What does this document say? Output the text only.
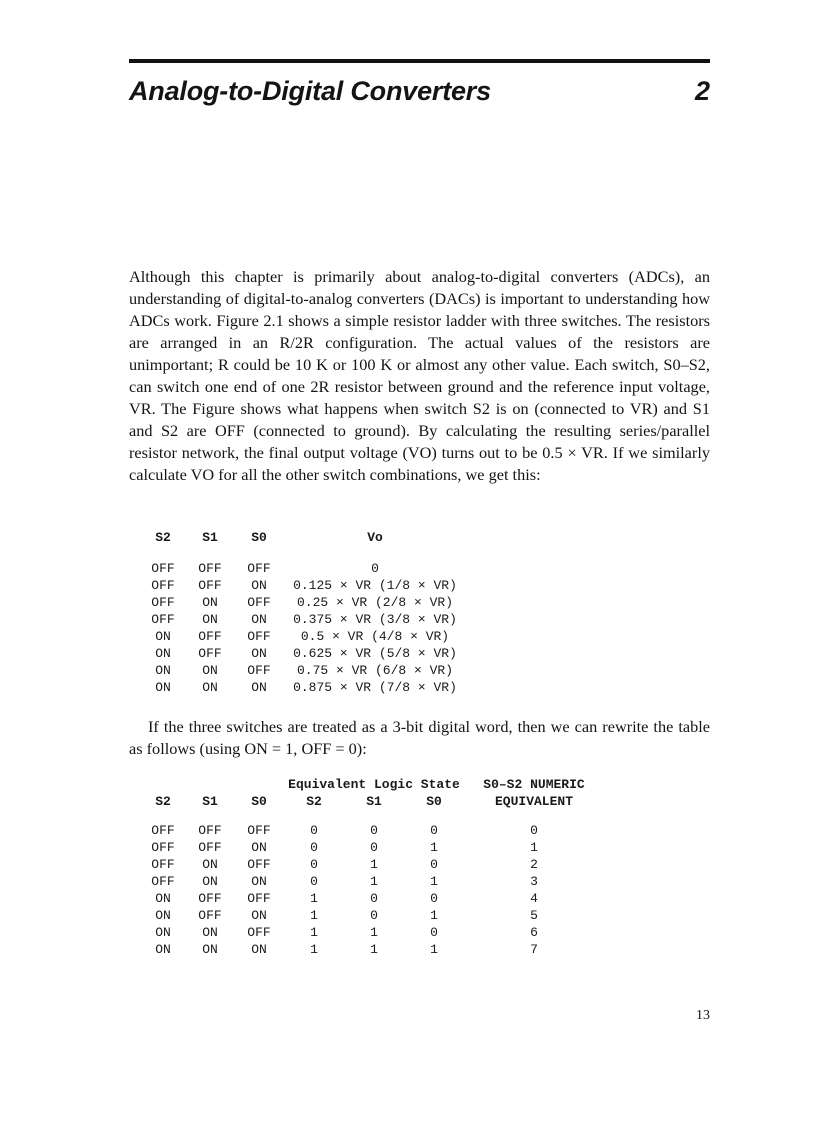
Analog-to-Digital Converters	2

Although this chapter is primarily about analog-to-digital converters (ADCs), an understanding of digital-to-analog converters (DACs) is important to understanding how ADCs work. Figure 2.1 shows a simple resistor ladder with three switches. The resistors are arranged in an R/2R configuration. The actual values of the resistors are unimportant; R could be 10 K or 100 K or almost any other value. Each switch, S0–S2, can switch one end of one 2R resistor between ground and the reference input voltage, VR. The Figure shows what happens when switch S2 is on (connected to VR) and S1 and S2 are OFF (connected to ground). By calculating the resulting series/parallel resistor network, the final output voltage (VO) turns out to be 0.5 × VR. If we similarly calculate VO for all the other switch combinations, we get this:

S2	S1	S0	Vo
OFF	OFF	OFF	0
OFF	OFF	ON	0.125 × VR (1/8 × VR)
OFF	ON	OFF	0.25 × VR (2/8 × VR)
OFF	ON	ON	0.375 × VR (3/8 × VR)
ON	OFF	OFF	0.5 × VR (4/8 × VR)
ON	OFF	ON	0.625 × VR (5/8 × VR)
ON	ON	OFF	0.75 × VR (6/8 × VR)
ON	ON	ON	0.875 × VR (7/8 × VR)

If the three switches are treated as a 3-bit digital word, then we can rewrite the table as follows (using ON = 1, OFF = 0):

			Equivalent Logic State			S0–S2 NUMERIC
S2	S1	S0	S2	S1	S0	EQUIVALENT
OFF	OFF	OFF	0	0	0	0
OFF	OFF	ON	0	0	1	1
OFF	ON	OFF	0	1	0	2
OFF	ON	ON	0	1	1	3
ON	OFF	OFF	1	0	0	4
ON	OFF	ON	1	0	1	5
ON	ON	OFF	1	1	0	6
ON	ON	ON	1	1	1	7
13
